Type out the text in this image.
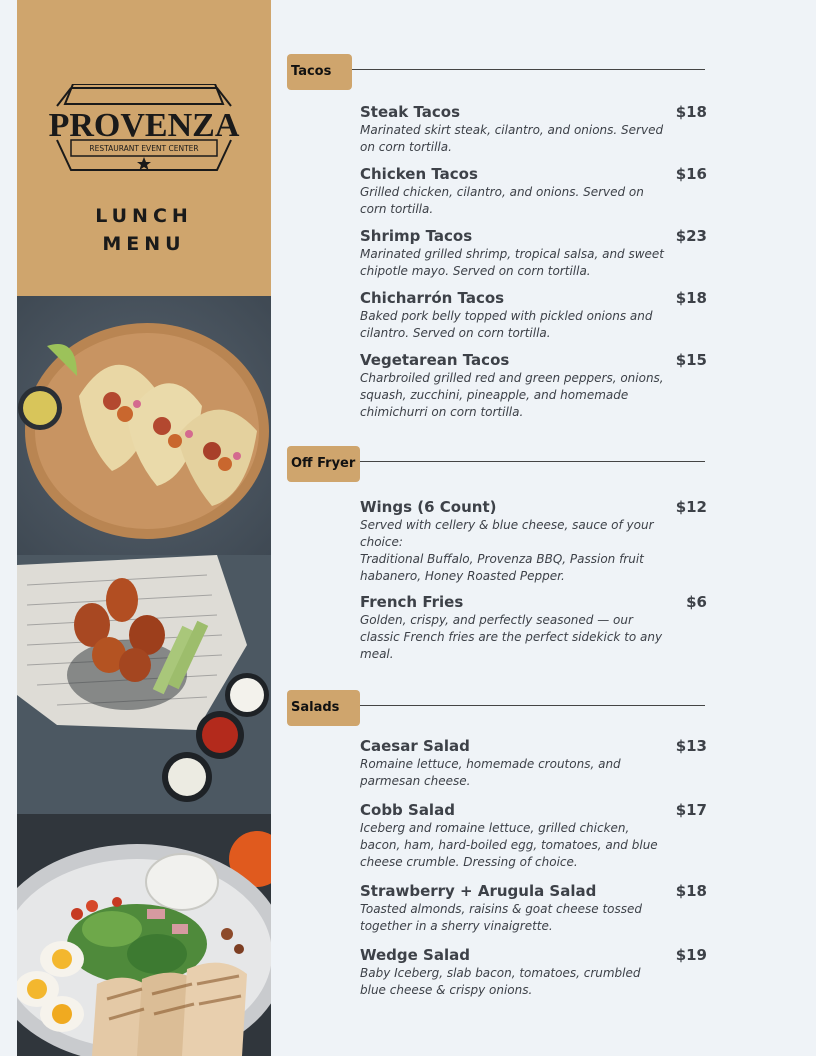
PROVENZA
RESTAURANT EVENT CENTER
LUNCH
MENU
Tacos
Steak Tacos	$18
Marinated skirt steak, cilantro, and onions. Served on corn tortilla.
Chicken Tacos	$16
Grilled chicken, cilantro, and onions. Served on corn tortilla.
Shrimp Tacos	$23
Marinated grilled shrimp, tropical salsa, and sweet chipotle mayo. Served on corn tortilla.
Chicharrón Tacos	$18
Baked pork belly topped with pickled onions and cilantro. Served on corn tortilla.
Vegetarean Tacos	$15
Charbroiled grilled red and green peppers, onions, squash, zucchini, pineapple, and homemade chimichurri on corn tortilla.
Off Fryer
Wings (6 Count)	$12
Served with cellery & blue cheese, sauce of your choice:
Traditional Buffalo, Provenza BBQ, Passion fruit habanero, Honey Roasted Pepper.
French Fries	$6
Golden, crispy, and perfectly seasoned — our classic French fries are the perfect sidekick to any meal.
Salads
Caesar Salad	$13
Romaine lettuce, homemade croutons, and parmesan cheese.
Cobb Salad	$17
Iceberg and romaine lettuce, grilled chicken, bacon, ham, hard-boiled egg, tomatoes, and blue cheese crumble. Dressing of choice.
Strawberry + Arugula Salad	$18
Toasted almonds, raisins & goat cheese tossed together in a sherry vinaigrette.
Wedge Salad	$19
Baby Iceberg, slab bacon, tomatoes, crumbled blue cheese & crispy onions.
